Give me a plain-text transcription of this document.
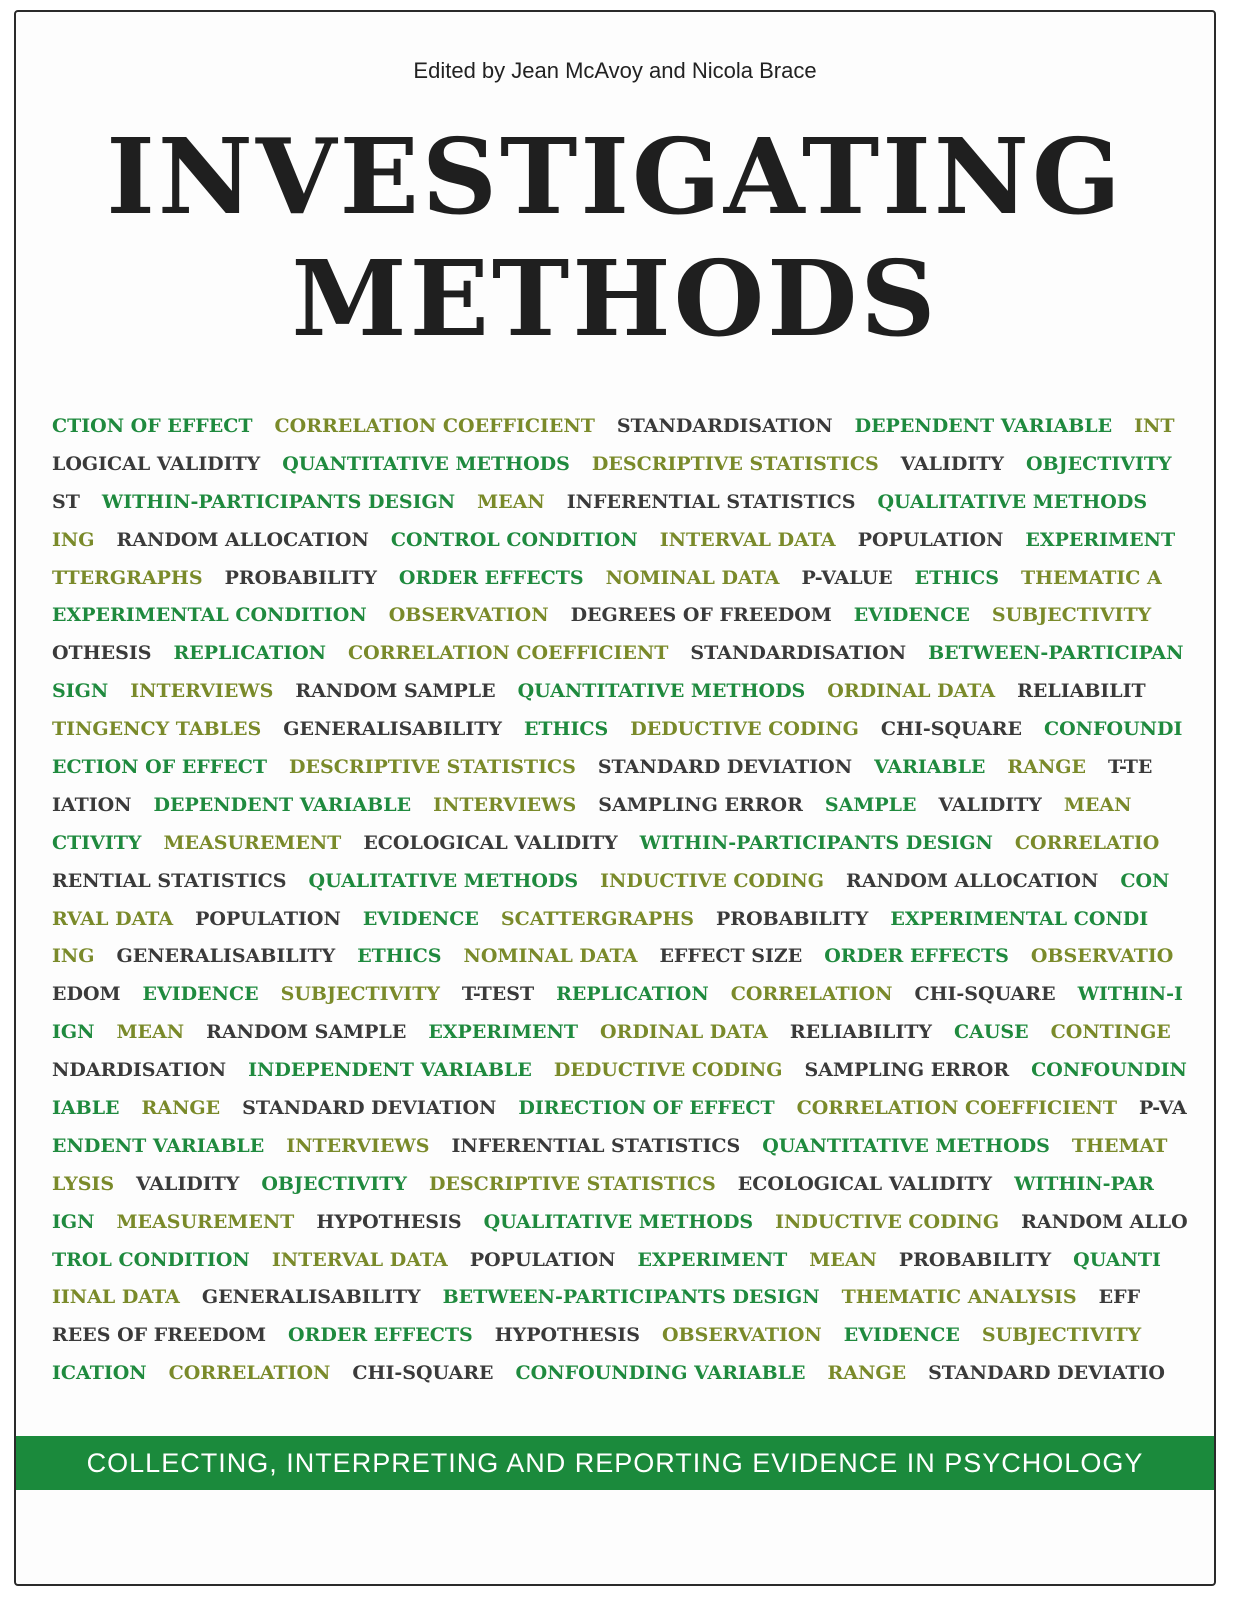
Edited by Jean McAvoy and Nicola Brace
INVESTIGATING
METHODS
CTION OF EFFECT CORRELATION COEFFICIENT STANDARDISATION DEPENDENT VARIABLE INT
LOGICAL VALIDITY QUANTITATIVE METHODS DESCRIPTIVE STATISTICS VALIDITY OBJECTIVITY
ST WITHIN-PARTICIPANTS DESIGN MEAN INFERENTIAL STATISTICS QUALITATIVE METHODS
ING RANDOM ALLOCATION CONTROL CONDITION INTERVAL DATA POPULATION EXPERIMENT
TTERGRAPHS PROBABILITY ORDER EFFECTS NOMINAL DATA P-VALUE ETHICS THEMATIC A
EXPERIMENTAL CONDITION OBSERVATION DEGREES OF FREEDOM EVIDENCE SUBJECTIVITY
OTHESIS REPLICATION CORRELATION COEFFICIENT STANDARDISATION BETWEEN-PARTICIPAN
SIGN INTERVIEWS RANDOM SAMPLE QUANTITATIVE METHODS ORDINAL DATA RELIABILIT
TINGENCY TABLES GENERALISABILITY ETHICS DEDUCTIVE CODING CHI-SQUARE CONFOUNDI
ECTION OF EFFECT DESCRIPTIVE STATISTICS STANDARD DEVIATION VARIABLE RANGE T-TE
IATION DEPENDENT VARIABLE INTERVIEWS SAMPLING ERROR SAMPLE VALIDITY MEAN
CTIVITY MEASUREMENT ECOLOGICAL VALIDITY WITHIN-PARTICIPANTS DESIGN CORRELATIO
RENTIAL STATISTICS QUALITATIVE METHODS INDUCTIVE CODING RANDOM ALLOCATION CON
RVAL DATA POPULATION EVIDENCE SCATTERGRAPHS PROBABILITY EXPERIMENTAL CONDI
ING GENERALISABILITY ETHICS NOMINAL DATA EFFECT SIZE ORDER EFFECTS OBSERVATIO
EDOM EVIDENCE SUBJECTIVITY T-TEST REPLICATION CORRELATION CHI-SQUARE WITHIN-I
IGN MEAN RANDOM SAMPLE EXPERIMENT ORDINAL DATA RELIABILITY CAUSE CONTINGE
NDARDISATION INDEPENDENT VARIABLE DEDUCTIVE CODING SAMPLING ERROR CONFOUNDIN
IABLE RANGE STANDARD DEVIATION DIRECTION OF EFFECT CORRELATION COEFFICIENT P-VA
ENDENT VARIABLE INTERVIEWS INFERENTIAL STATISTICS QUANTITATIVE METHODS THEMAT
LYSIS VALIDITY OBJECTIVITY DESCRIPTIVE STATISTICS ECOLOGICAL VALIDITY WITHIN-PAR
IGN MEASUREMENT HYPOTHESIS QUALITATIVE METHODS INDUCTIVE CODING RANDOM ALLO
TROL CONDITION INTERVAL DATA POPULATION EXPERIMENT MEAN PROBABILITY QUANTI
IINAL DATA GENERALISABILITY BETWEEN-PARTICIPANTS DESIGN THEMATIC ANALYSIS EFF
REES OF FREEDOM ORDER EFFECTS HYPOTHESIS OBSERVATION EVIDENCE SUBJECTIVITY
ICATION CORRELATION CHI-SQUARE CONFOUNDING VARIABLE RANGE STANDARD DEVIATIO
COLLECTING, INTERPRETING AND REPORTING EVIDENCE IN PSYCHOLOGY
